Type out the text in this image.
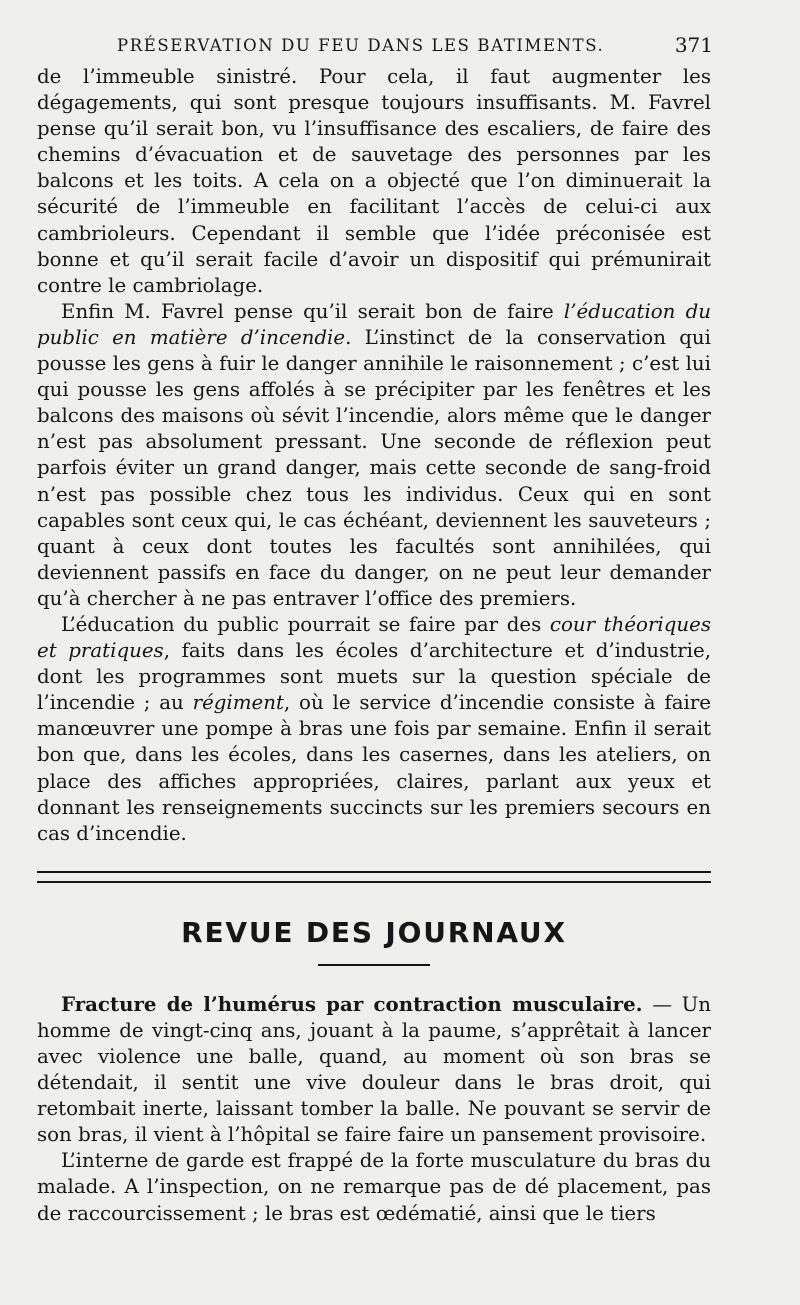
PRÉSERVATION DU FEU DANS LES BATIMENTS.	371

de l’immeuble sinistré. Pour cela, il faut augmenter les dégagements, qui sont presque toujours insuffisants. M. Favrel pense qu’il serait bon, vu l’insuffisance des escaliers, de faire des chemins d’évacuation et de sauvetage des personnes par les balcons et les toits. A cela on a objecté que l’on diminuerait la sécurité de l’immeuble en facilitant l’accès de celui-ci aux cambrioleurs. Cependant il semble que l’idée préconisée est bonne et qu’il serait facile d’avoir un dispositif qui prémunirait contre le cambriolage.

Enfin M. Favrel pense qu’il serait bon de faire l’éducation du public en matière d’incendie. L’instinct de la conservation qui pousse les gens à fuir le danger annihile le raisonnement ; c’est lui qui pousse les gens affolés à se précipiter par les fenêtres et les balcons des maisons où sévit l’incendie, alors même que le danger n’est pas absolument pressant. Une seconde de réflexion peut parfois éviter un grand danger, mais cette seconde de sang-froid n’est pas possible chez tous les individus. Ceux qui en sont capables sont ceux qui, le cas échéant, deviennent les sauveteurs ; quant à ceux dont toutes les facultés sont annihilées, qui deviennent passifs en face du danger, on ne peut leur demander qu’à chercher à ne pas entraver l’office des premiers.

L’éducation du public pourrait se faire par des cour théoriques et pratiques, faits dans les écoles d’architecture et d’industrie, dont les programmes sont muets sur la question spéciale de l’incendie ; au régiment, où le service d’incendie consiste à faire manœuvrer une pompe à bras une fois par semaine. Enfin il serait bon que, dans les écoles, dans les casernes, dans les ateliers, on place des affiches appropriées, claires, parlant aux yeux et donnant les renseignements succincts sur les premiers secours en cas d’incendie.

REVUE DES JOURNAUX

Fracture de l’humérus par contraction musculaire. — Un homme de vingt-cinq ans, jouant à la paume, s’apprêtait à lancer avec violence une balle, quand, au moment où son bras se détendait, il sentit une vive douleur dans le bras droit, qui retombait inerte, laissant tomber la balle. Ne pouvant se servir de son bras, il vient à l’hôpital se faire faire un pansement provisoire.

L’interne de garde est frappé de la forte musculature du bras du malade. A l’inspection, on ne remarque pas de dé placement, pas de raccourcissement ; le bras est œdématié, ainsi que le tiers
